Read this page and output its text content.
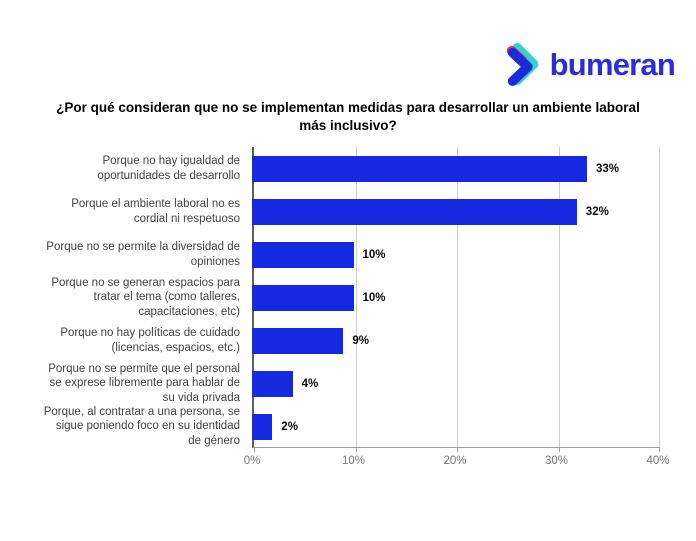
bumeran
¿Por qué consideran que no se implementan medidas para desarrollar un ambiente laboral más inclusivo?
Porque no hay igualdad de oportunidades de desarrollo
33%
Porque el ambiente laboral no es cordial ni respetuoso
32%
Porque no se permite la diversidad de opiniones
10%
Porque no se generan espacios para tratar el tema (como talleres, capacitaciones, etc)
10%
Porque no hay políticas de cuidado (licencias, espacios, etc.)
9%
Porque no se permite que el personal se exprese libremente para hablar de su vida privada
4%
Porque, al contratar a una persona, se sigue poniendo foco en su identidad de género
2%
0%	10%	20%	30%	40%
